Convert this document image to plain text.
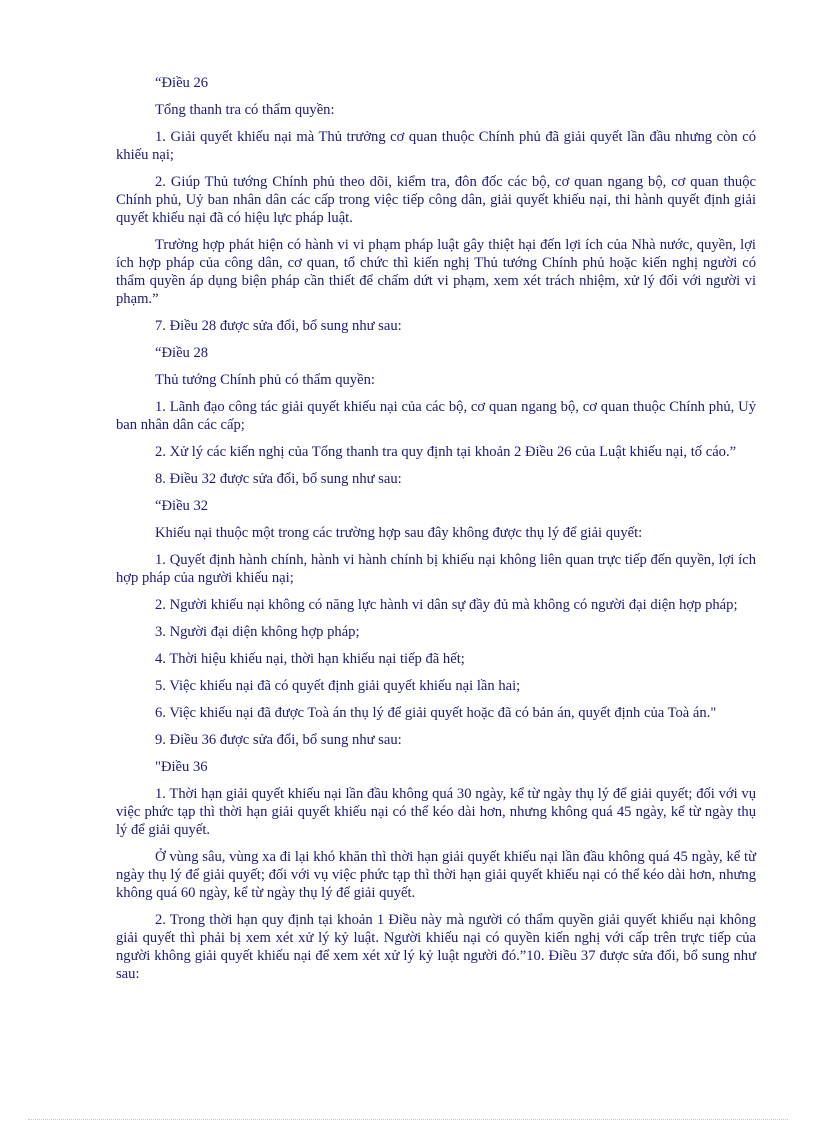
“Điều 26

Tổng thanh tra có thẩm quyền:

1. Giải quyết khiếu nại mà Thủ trưởng cơ quan thuộc Chính phủ đã giải quyết lần đầu nhưng còn có khiếu nại;

2. Giúp Thủ tướng Chính phủ theo dõi, kiểm tra, đôn đốc các bộ, cơ quan ngang bộ, cơ quan thuộc Chính phủ, Uỷ ban nhân dân các cấp trong việc tiếp công dân, giải quyết khiếu nại, thi hành quyết định giải quyết khiếu nại đã có hiệu lực pháp luật.

Trường hợp phát hiện có hành vi vi phạm pháp luật gây thiệt hại đến lợi ích của Nhà nước, quyền, lợi ích hợp pháp của công dân, cơ quan, tổ chức thì kiến nghị Thủ tướng Chính phủ hoặc kiến nghị người có thẩm quyền áp dụng biện pháp cần thiết để chấm dứt vi phạm, xem xét trách nhiệm, xử lý đối với người vi phạm.”

7. Điều 28 được sửa đổi, bổ sung như sau:

“Điều 28

Thủ tướng Chính phủ có thẩm quyền:

1. Lãnh đạo công tác giải quyết khiếu nại của các bộ, cơ quan ngang bộ, cơ quan thuộc Chính phủ, Uỷ ban nhân dân các cấp;

2. Xử lý các kiến nghị của Tổng thanh tra quy định tại khoản 2 Điều 26 của Luật khiếu nại, tố cáo.”

8. Điều 32 được sửa đổi, bổ sung như sau:

“Điều 32

Khiếu nại thuộc một trong các trường hợp sau đây không được thụ lý để giải quyết:

1. Quyết định hành chính, hành vi hành chính bị khiếu nại không liên quan trực tiếp đến quyền, lợi ích hợp pháp của người khiếu nại;

2. Người khiếu nại không có năng lực hành vi dân sự đầy đủ mà không có người đại diện hợp pháp;

3. Người đại diện không hợp pháp;

4. Thời hiệu khiếu nại, thời hạn khiếu nại tiếp đã hết;

5. Việc khiếu nại đã có quyết định giải quyết khiếu nại lần hai;

6. Việc khiếu nại đã được Toà án thụ lý để giải quyết hoặc đã có bản án, quyết định của Toà án."

9. Điều 36 được sửa đổi, bổ sung như sau:

"Điều 36

1. Thời hạn giải quyết khiếu nại lần đầu không quá 30 ngày, kể từ ngày thụ lý để giải quyết; đối với vụ việc phức tạp thì thời hạn giải quyết khiếu nại có thể kéo dài hơn, nhưng không quá 45 ngày, kể từ ngày thụ lý để giải quyết.

Ở vùng sâu, vùng xa đi lại khó khăn thì thời hạn giải quyết khiếu nại lần đầu không quá 45 ngày, kể từ ngày thụ lý để giải quyết; đối với vụ việc phức tạp thì thời hạn giải quyết khiếu nại có thể kéo dài hơn, nhưng không quá 60 ngày, kể từ ngày thụ lý để giải quyết.

2. Trong thời hạn quy định tại khoản 1 Điều này mà người có thẩm quyền giải quyết khiếu nại không giải quyết thì phải bị xem xét xử lý kỷ luật. Người khiếu nại có quyền kiến nghị với cấp trên trực tiếp của người không giải quyết khiếu nại để xem xét xử lý kỷ luật người đó.”10. Điều 37 được sửa đổi, bổ sung như sau:
